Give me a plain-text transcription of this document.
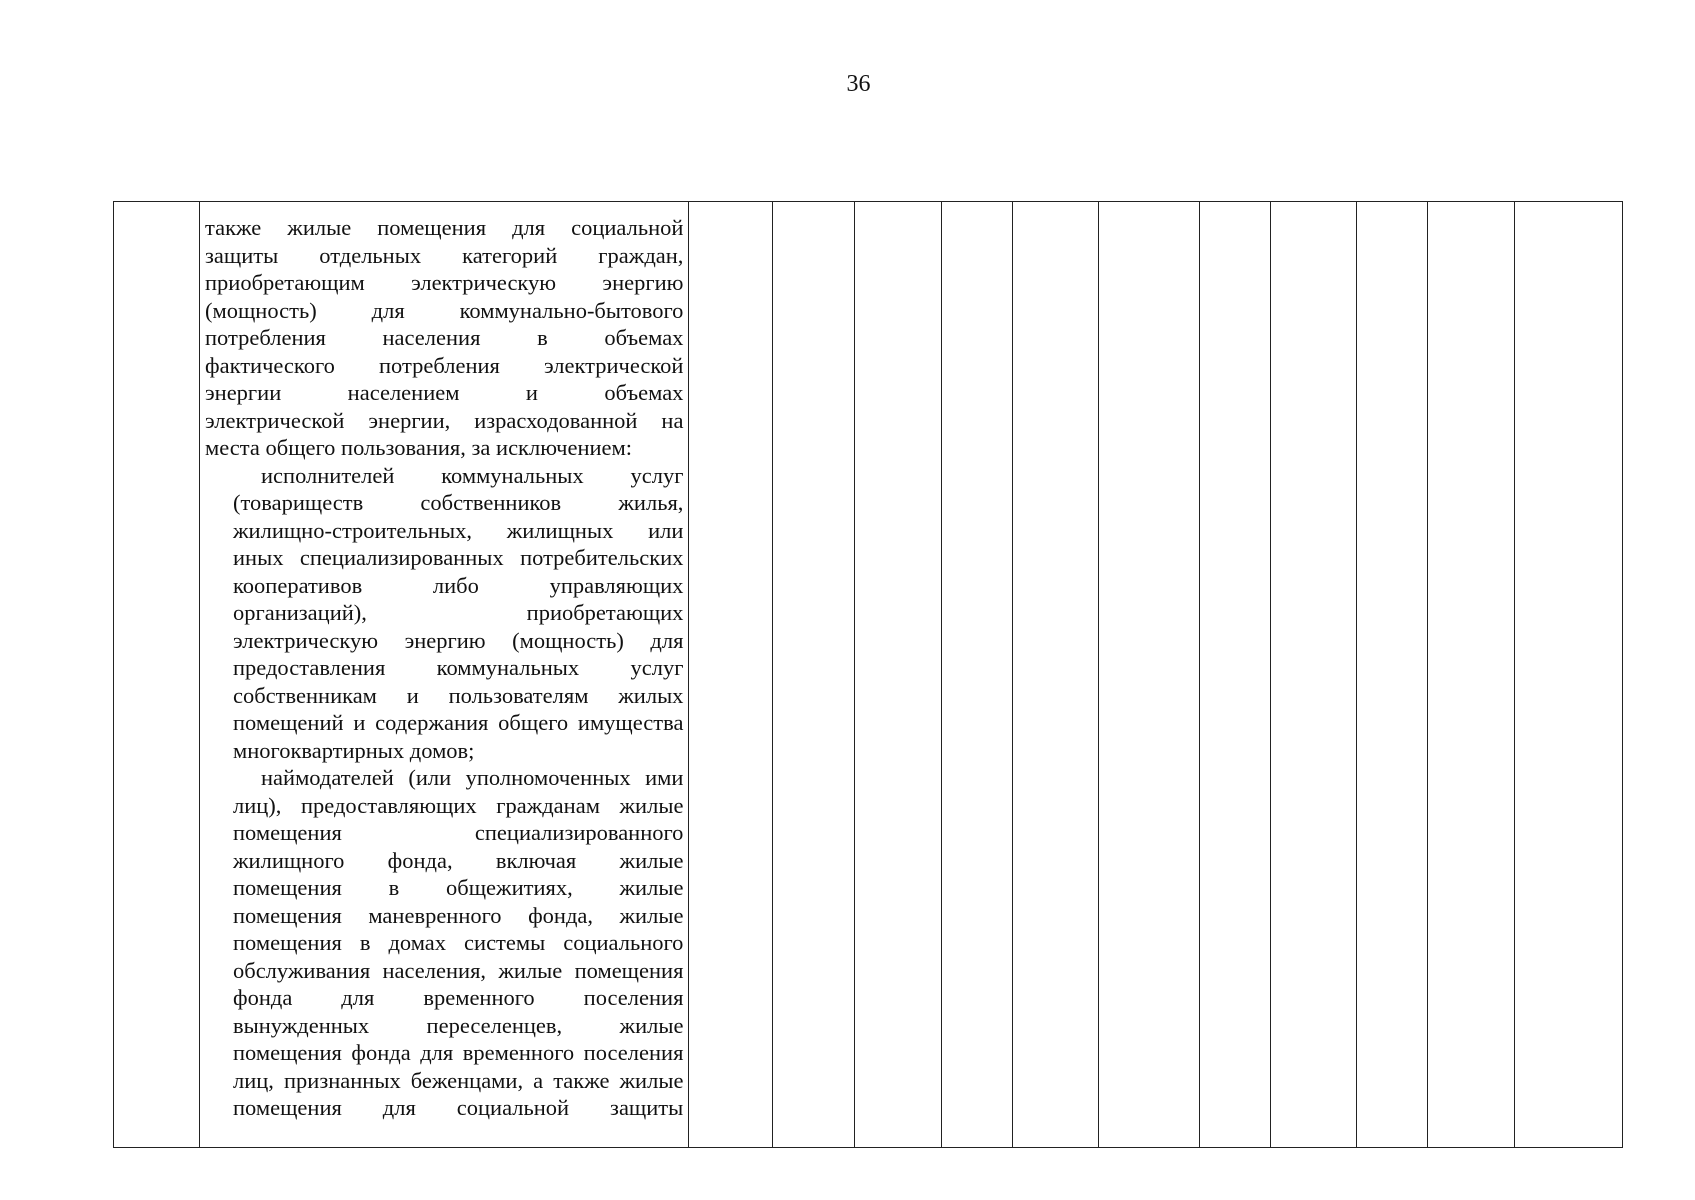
36

также жилые помещения для социальной
защиты отдельных категорий граждан,
приобретающим электрическую энергию
(мощность) для коммунально-бытового
потребления населения в объемах
фактического потребления электрической
энергии населением и объемах
электрической энергии, израсходованной на
места общего пользования, за исключением:
исполнителей коммунальных услуг
(товариществ собственников жилья,
жилищно-строительных, жилищных или
иных специализированных потребительских
кооперативов либо управляющих
организаций), приобретающих
электрическую энергию (мощность) для
предоставления коммунальных услуг
собственникам и пользователям жилых
помещений и содержания общего имущества
многоквартирных домов;
наймодателей (или уполномоченных ими
лиц), предоставляющих гражданам жилые
помещения специализированного
жилищного фонда, включая жилые
помещения в общежитиях, жилые
помещения маневренного фонда, жилые
помещения в домах системы социального
обслуживания населения, жилые помещения
фонда для временного поселения
вынужденных переселенцев, жилые
помещения фонда для временного поселения
лиц, признанных беженцами, а также жилые
помещения для социальной защиты
